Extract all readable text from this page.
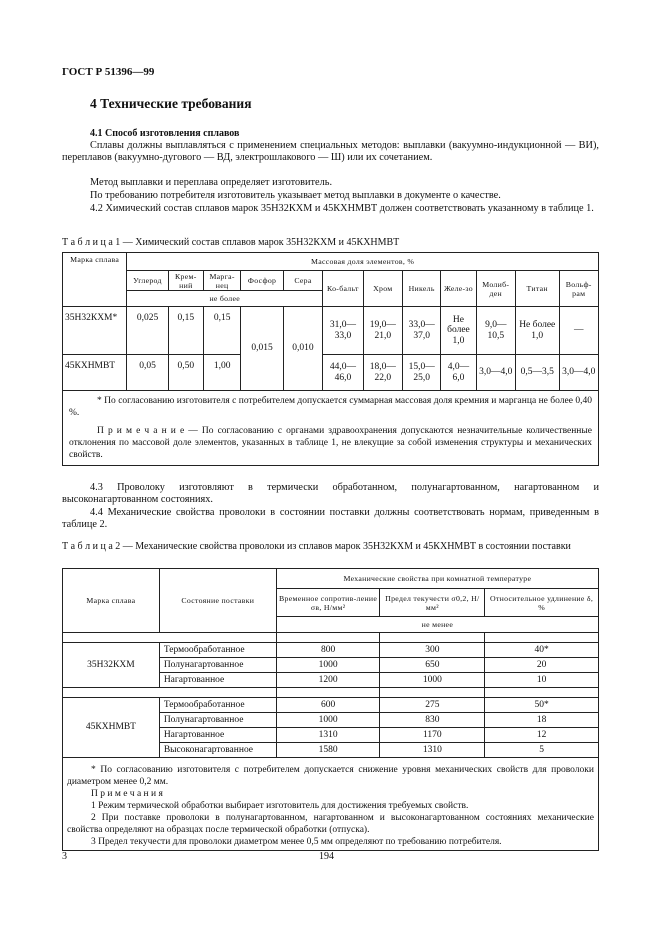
ГОСТ Р 51396—99
4 Технические требования
4.1 Способ изготовления сплавов
Сплавы должны выплавляться с применением специальных методов: выплавки (вакуумно-индукционной — ВИ), переплавов (вакуумно-дугового — ВД, электрошлакового — Ш) или их сочетанием.
Метод выплавки и переплава определяет изготовитель.
По требованию потребителя изготовитель указывает метод выплавки в документе о качестве.
4.2 Химический состав сплавов марок 35Н32КХМ и 45КХНМВТ должен соответствовать указанному в таблице 1.
Т а б л и ц а 1 — Химический состав сплавов марок 35Н32КХМ и 45КХНМВТ
Марка сплава	Массовая доля элементов, %											
	Углерод	Крем-ний	Марга-нец	Фосфор	Сера	Ко-бальт	Хром	Никель	Желе-зо	Молиб-ден	Титан	Вольф-рам
	не более											
35Н32КХМ*	0,025	0,15	0,15	0,015	0,010	31,0—33,0	19,0—21,0	33,0—37,0	Не более 1,0	9,0—10,5	Не более 1,0	—
45КХНМВТ	0,05	0,50	1,00			44,0—46,0	18,0—22,0	15,0—25,0	4,0—6,0	3,0—4,0	0,5—3,5	3,0—4,0

* По согласованию изготовителя с потребителем допускается суммарная массовая доля кремния и марганца не более 0,40 %.
П р и м е ч а н и е — По согласованию с органами здравоохранения допускаются незначительные количественные отклонения по массовой доле элементов, указанных в таблице 1, не влекущие за собой изменения структуры и механических свойств.												
4.3 Проволоку изготовляют в термически обработанном, полунагартованном, нагартованном и высоконагартованном состояниях.
4.4 Механические свойства проволоки в состоянии поставки должны соответствовать нормам, приведенным в таблице 2.
Т а б л и ц а 2 — Механические свойства проволоки из сплавов марок 35Н32КХМ и 45КХНМВТ в состоянии поставки
Марка сплава	Состояние поставки	Механические свойства при комнатной температуре		
		Временное сопротив-ление σв, Н/мм²	Предел текучести σ0,2, Н/мм²	Относительное удлинение δ, %
		не менее		

35Н32КХМ	Термообработанное	800	300	40*
	Полунагартованное	1000	650	20
	Нагартованное	1200	1000	10

45КХНМВТ	Термообработанное	600	275	50*
	Полунагартованное	1000	830	18
	Нагартованное	1310	1170	12
	Высоконагартованное	1580	1310	5

* По согласованию изготовителя с потребителем допускается снижение уровня механических свойств для проволоки диаметром менее 0,2 мм.
П р и м е ч а н и я
1 Режим термической обработки выбирает изготовитель для достижения требуемых свойств.
2 При поставке проволоки в полунагартованном, нагартованном и высоконагартованном состояниях механические свойства определяют на образцах после термической обработки (отпуска).
3 Предел текучести для проволоки диаметром менее 0,5 мм определяют по требованию потребителя.				
3	194
